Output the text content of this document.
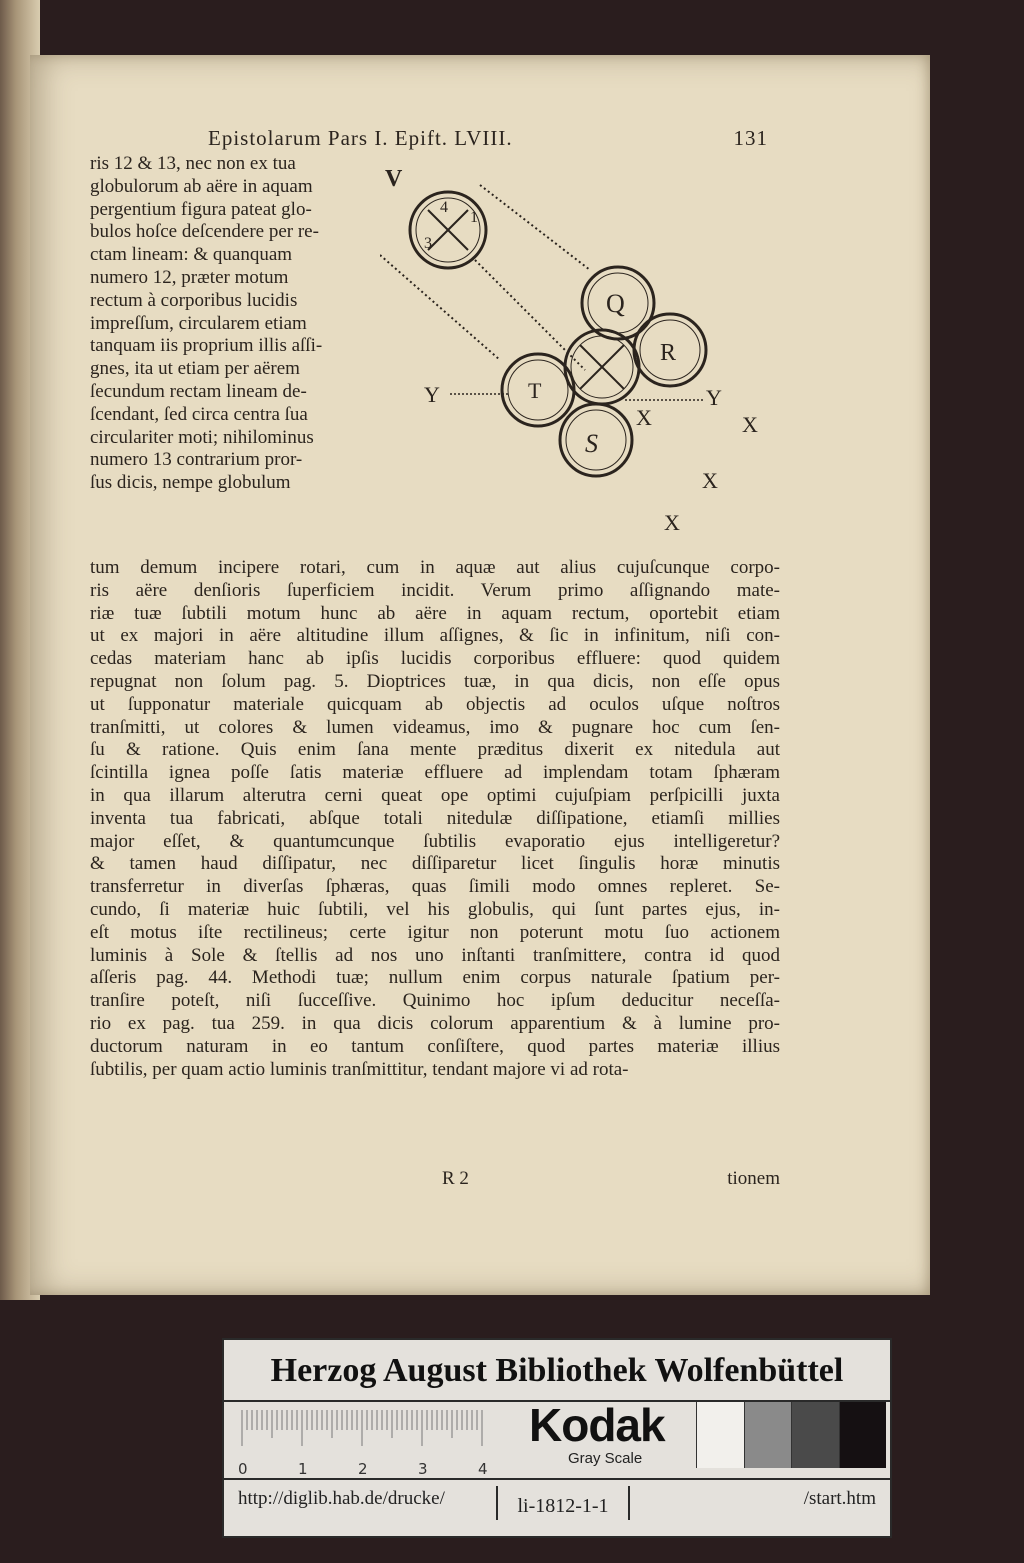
Epistolarum Pars I. Epift. LVIII.	131
ris 12 & 13, nec non ex tua
globulorum ab aëre in aquam
pergentium figura pateat glo-
bulos hoſce deſcendere per re-
ctam lineam: & quanquam
numero 12, præter motum
rectum à corporibus lucidis
impreſſum, circularem etiam
tanquam iis proprium illis aſſi-
gnes, ita ut etiam per aërem
ſecundum rectam lineam de-
ſcendant, ſed circa centra ſua
circulariter moti; nihilominus
numero 13 contrarium pror-
ſus dicis, nempe globulum
V
4
1
3
Q
R
T
S
Y	Y
X	X
X
X
tum demum incipere rotari, cum in aquæ aut alius cujuſcunque corpo-
ris aëre denſioris ſuperficiem incidit. Verum primo aſſignando mate-
riæ tuæ ſubtili motum hunc ab aëre in aquam rectum, oportebit etiam
ut ex majori in aëre altitudine illum aſſignes, & ſic in infinitum, niſi con-
cedas materiam hanc ab ipſis lucidis corporibus effluere: quod quidem
repugnat non ſolum pag. 5. Dioptrices tuæ, in qua dicis, non eſſe opus
ut ſupponatur materiale quicquam ab objectis ad oculos uſque noſtros
tranſmitti, ut colores & lumen videamus, imo & pugnare hoc cum ſen-
ſu & ratione. Quis enim ſana mente præditus dixerit ex nitedula aut
ſcintilla ignea poſſe ſatis materiæ effluere ad implendam totam ſphæram
in qua illarum alterutra cerni queat ope optimi cujuſpiam perſpicilli juxta
inventa tua fabricati, abſque totali nitedulæ diſſipatione, etiamſi millies
major eſſet, & quantumcunque ſubtilis evaporatio ejus intelligeretur?
& tamen haud diſſipatur, nec diſſiparetur licet ſingulis horæ minutis
transferretur in diverſas ſphæras, quas ſimili modo omnes repleret. Se-
cundo, ſi materiæ huic ſubtili, vel his globulis, qui ſunt partes ejus, in-
eſt motus iſte rectilineus; certe igitur non poterunt motu ſuo actionem
luminis à Sole & ſtellis ad nos uno inſtanti tranſmittere, contra id quod
aſſeris pag. 44. Methodi tuæ; nullum enim corpus naturale ſpatium per-
tranſire poteſt, niſi ſucceſſive. Quinimo hoc ipſum deducitur neceſſa-
rio ex pag. tua 259. in qua dicis colorum apparentium & à lumine pro-
ductorum naturam in eo tantum conſiſtere, quod partes materiæ illius
ſubtilis, per quam actio luminis tranſmittitur, tendant majore vi ad rota-
R 2	tionem
Herzog August Bibliothek Wolfenbüttel
0	1	2	3	4
Kodak
Gray Scale
http://diglib.hab.de/drucke/	li-1812-1-1	/start.htm
